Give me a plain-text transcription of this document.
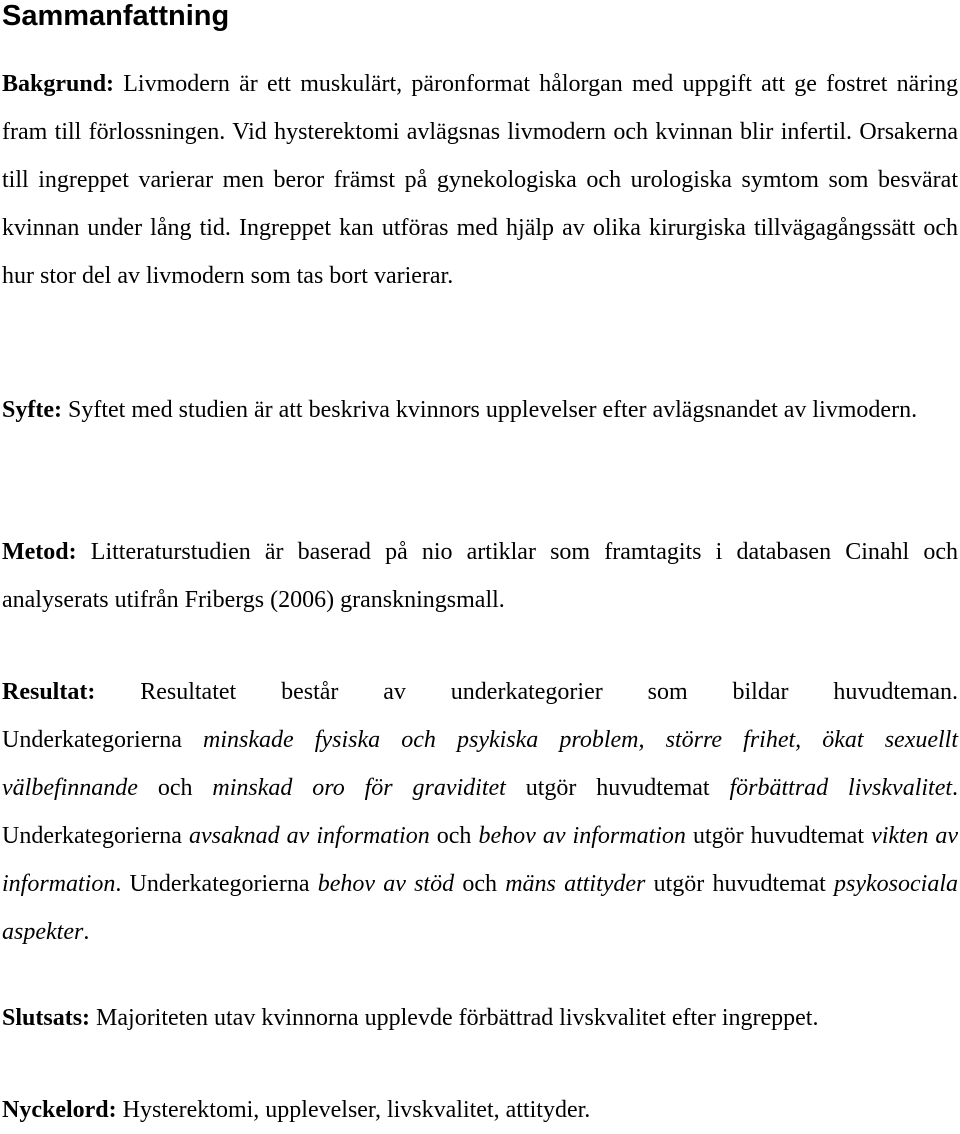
Sammanfattning

Bakgrund: Livmodern är ett muskulärt, päronformat hålorgan med uppgift att ge fostret näring fram till förlossningen. Vid hysterektomi avlägsnas livmodern och kvinnan blir infertil. Orsakerna till ingreppet varierar men beror främst på gynekologiska och urologiska symtom som besvärat kvinnan under lång tid. Ingreppet kan utföras med hjälp av olika kirurgiska tillvägagångssätt och hur stor del av livmodern som tas bort varierar.

Syfte: Syftet med studien är att beskriva kvinnors upplevelser efter avlägsnandet av livmodern.

Metod: Litteraturstudien är baserad på nio artiklar som framtagits i databasen Cinahl och analyserats utifrån Fribergs (2006) granskningsmall.

Resultat: Resultatet består av underkategorier som bildar huvudteman.
Underkategorierna minskade fysiska och psykiska problem, större frihet, ökat sexuellt välbefinnande och minskad oro för graviditet utgör huvudtemat förbättrad livskvalitet. Underkategorierna avsaknad av information och behov av information utgör huvudtemat vikten av information. Underkategorierna behov av stöd och mäns attityder utgör huvudtemat psykosociala aspekter.

Slutsats: Majoriteten utav kvinnorna upplevde förbättrad livskvalitet efter ingreppet.

Nyckelord: Hysterektomi, upplevelser, livskvalitet, attityder.
